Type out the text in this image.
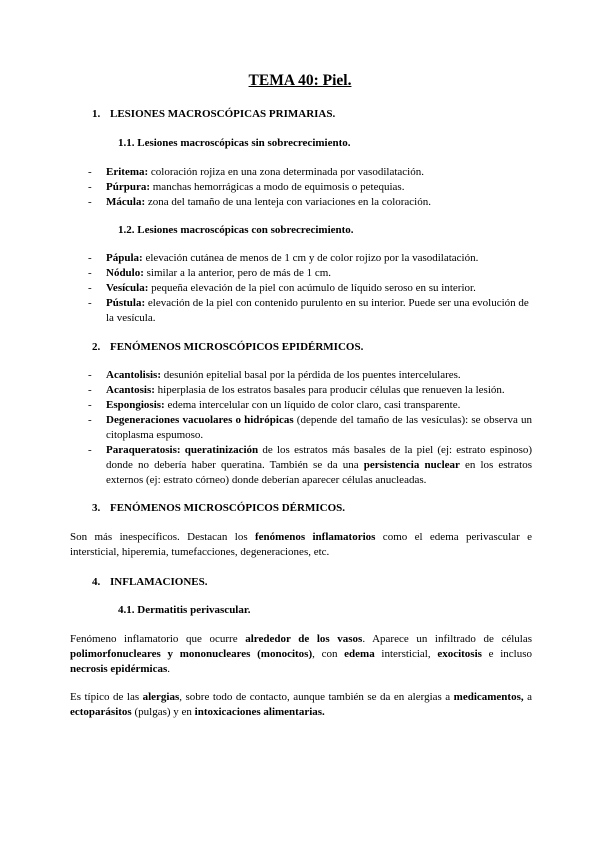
TEMA 40: Piel.
1. LESIONES MACROSCÓPICAS PRIMARIAS.
1.1. Lesiones macroscópicas sin sobrecrecimiento.
- Eritema: coloración rojiza en una zona determinada por vasodilatación.
- Púrpura: manchas hemorrágicas a modo de equimosis o petequias.
- Mácula: zona del tamaño de una lenteja con variaciones en la coloración.
1.2. Lesiones macroscópicas con sobrecrecimiento.
- Pápula: elevación cutánea de menos de 1 cm y de color rojizo por la vasodilatación.
- Nódulo: similar a la anterior, pero de más de 1 cm.
- Vesícula: pequeña elevación de la piel con acúmulo de líquido seroso en su interior.
- Pústula: elevación de la piel con contenido purulento en su interior. Puede ser una evolución de la vesícula.
2. FENÓMENOS MICROSCÓPICOS EPIDÉRMICOS.
- Acantolisis: desunión epitelial basal por la pérdida de los puentes intercelulares.
- Acantosis: hiperplasia de los estratos basales para producir células que renueven la lesión.
- Espongiosis: edema intercelular con un líquido de color claro, casi transparente.
- Degeneraciones vacuolares o hidrópicas (depende del tamaño de las vesículas): se observa un citoplasma espumoso.
- Paraqueratosis: queratinización de los estratos más basales de la piel (ej: estrato espinoso) donde no debería haber queratina. También se da una persistencia nuclear en los estratos externos (ej: estrato córneo) donde deberían aparecer células anucleadas.
3. FENÓMENOS MICROSCÓPICOS DÉRMICOS.

Son más inespecíficos. Destacan los fenómenos inflamatorios como el edema perivascular e intersticial, hiperemia, tumefacciones, degeneraciones, etc.

4. INFLAMACIONES.
4.1. Dermatitis perivascular.

Fenómeno inflamatorio que ocurre alrededor de los vasos. Aparece un infiltrado de células polimorfonucleares y mononucleares (monocitos), con edema intersticial, exocitosis e incluso necrosis epidérmicas.

Es típico de las alergias, sobre todo de contacto, aunque también se da en alergias a medicamentos, a ectoparásitos (pulgas) y en intoxicaciones alimentarias.
